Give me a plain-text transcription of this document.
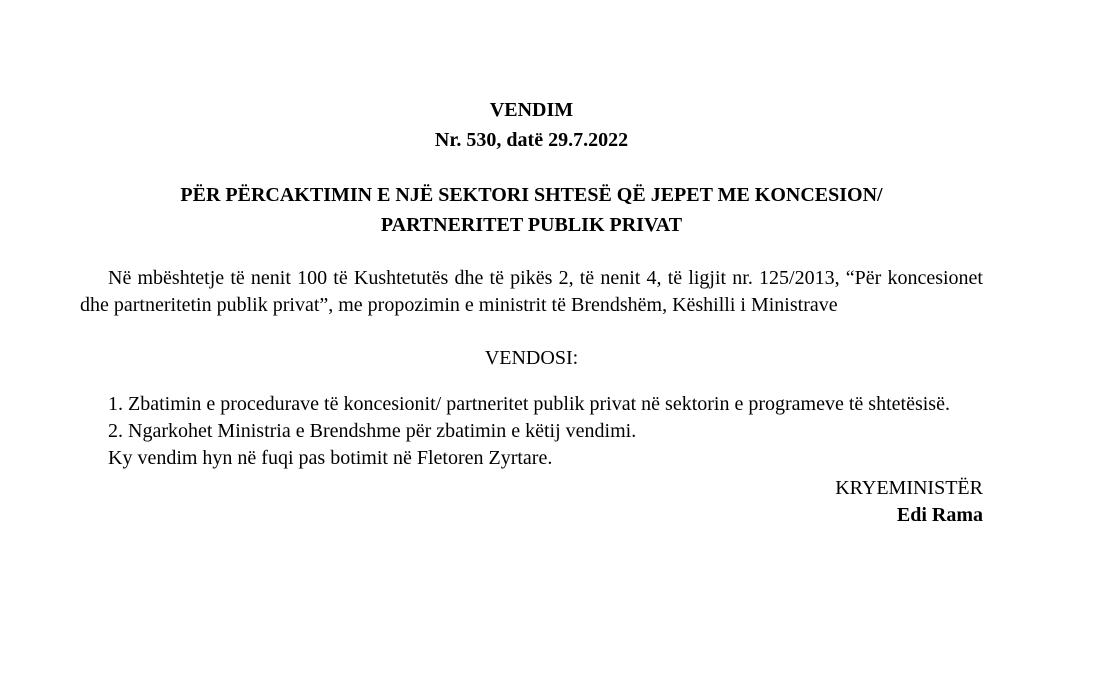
VENDIM
Nr. 530, datë 29.7.2022
PËR PËRCAKTIMIN E NJË SEKTORI SHTESË QË JEPET ME KONCESION/
PARTNERITET PUBLIK PRIVAT
Në mbështetje të nenit 100 të Kushtetutës dhe të pikës 2, të nenit 4, të ligjit nr. 125/2013, “Për koncesionet dhe partneritetin publik privat”, me propozimin e ministrit të Brendshëm, Këshilli i Ministrave
VENDOSI:
1. Zbatimin e procedurave të koncesionit/ partneritet publik privat në sektorin e programeve të shtetësisë.
2. Ngarkohet Ministria e Brendshme për zbatimin e këtij vendimi.
Ky vendim hyn në fuqi pas botimit në Fletoren Zyrtare.
KRYEMINISTËR
Edi Rama
